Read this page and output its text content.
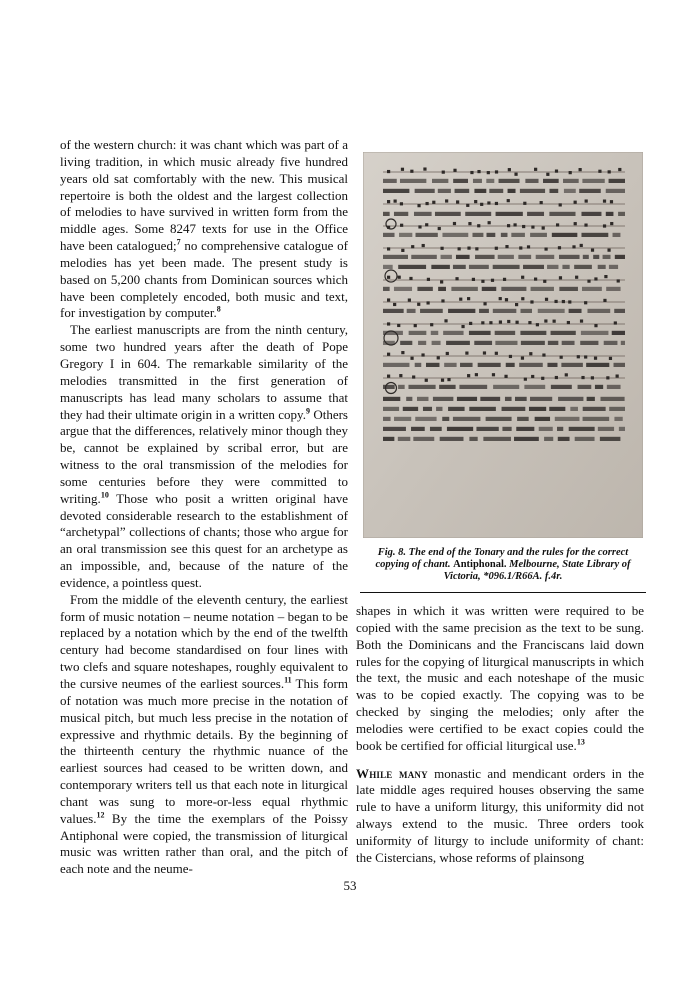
of the western church: it was chant which was part of a living tradition, in which music already five hundred years old sat comfortably with the new. This musical repertoire is both the oldest and the largest collection of melodies to have survived in written form from the middle ages. Some 8247 texts for use in the Office have been catalogued;$^7$ no comprehensive catalogue of melodies has yet been made. The present study is based on 5,200 chants from Dominican sources which have been completely encoded, both music and text, for investigation by computer.$^8$

The earliest manuscripts are from the ninth century, some two hundred years after the death of Pope Gregory I in 604. The remarkable similarity of the melodies transmitted in the first generation of manuscripts has lead many scholars to assume that they had their ultimate origin in a written copy.$^9$ Others argue that the differences, relatively minor though they be, cannot be explained by scribal error, but are witness to the oral transmission of the melodies for some centuries before they were committed to writing.$^{10}$ Those who posit a written original have devoted considerable research to the establishment of “archetypal” collections of chants; those who argue for an oral transmission see this quest for an archetype as an impossible, and, because of the nature of the evidence, a pointless quest.

From the middle of the eleventh century, the earliest form of music notation – neume notation – began to be replaced by a notation which by the end of the twelfth century had become standardised on four lines with two clefs and square noteshapes, roughly equivalent to the cursive neumes of the earliest sources.$^{11}$ This form of notation was much more precise in the notation of musical pitch, but much less precise in the notation of expressive and rhythmic details. By the beginning of the thirteenth century the rhythmic nuance of the earliest sources had ceased to be written down, and contemporary writers tell us that each note in liturgical chant was sung to more-or-less equal rhythmic values.$^{12}$ By the time the exemplars of the Poissy Antiphonal were copied, the transmission of liturgical music was written rather than oral, and the pitch of each note and the neume-

Fig. 8. The end of the Tonary and the rules for the correct copying of chant. Antiphonal. Melbourne, State Library of Victoria, *096.1/R66A. f.4r.

shapes in which it was written were required to be copied with the same precision as the text to be sung. Both the Dominicans and the Franciscans laid down rules for the copying of liturgical manuscripts in which the text, the music and each noteshape of the music was to be copied exactly. The copying was to be checked by singing the melodies; only after the melodies were certified to be exact copies could the book be certified for official liturgical use.$^{13}$

While many monastic and mendicant orders in the late middle ages required houses observing the same rule to have a uniform liturgy, this uniformity did not always extend to the music. Three orders took uniformity of liturgy to include uniformity of chant: the Cistercians, whose reforms of plainsong

53
